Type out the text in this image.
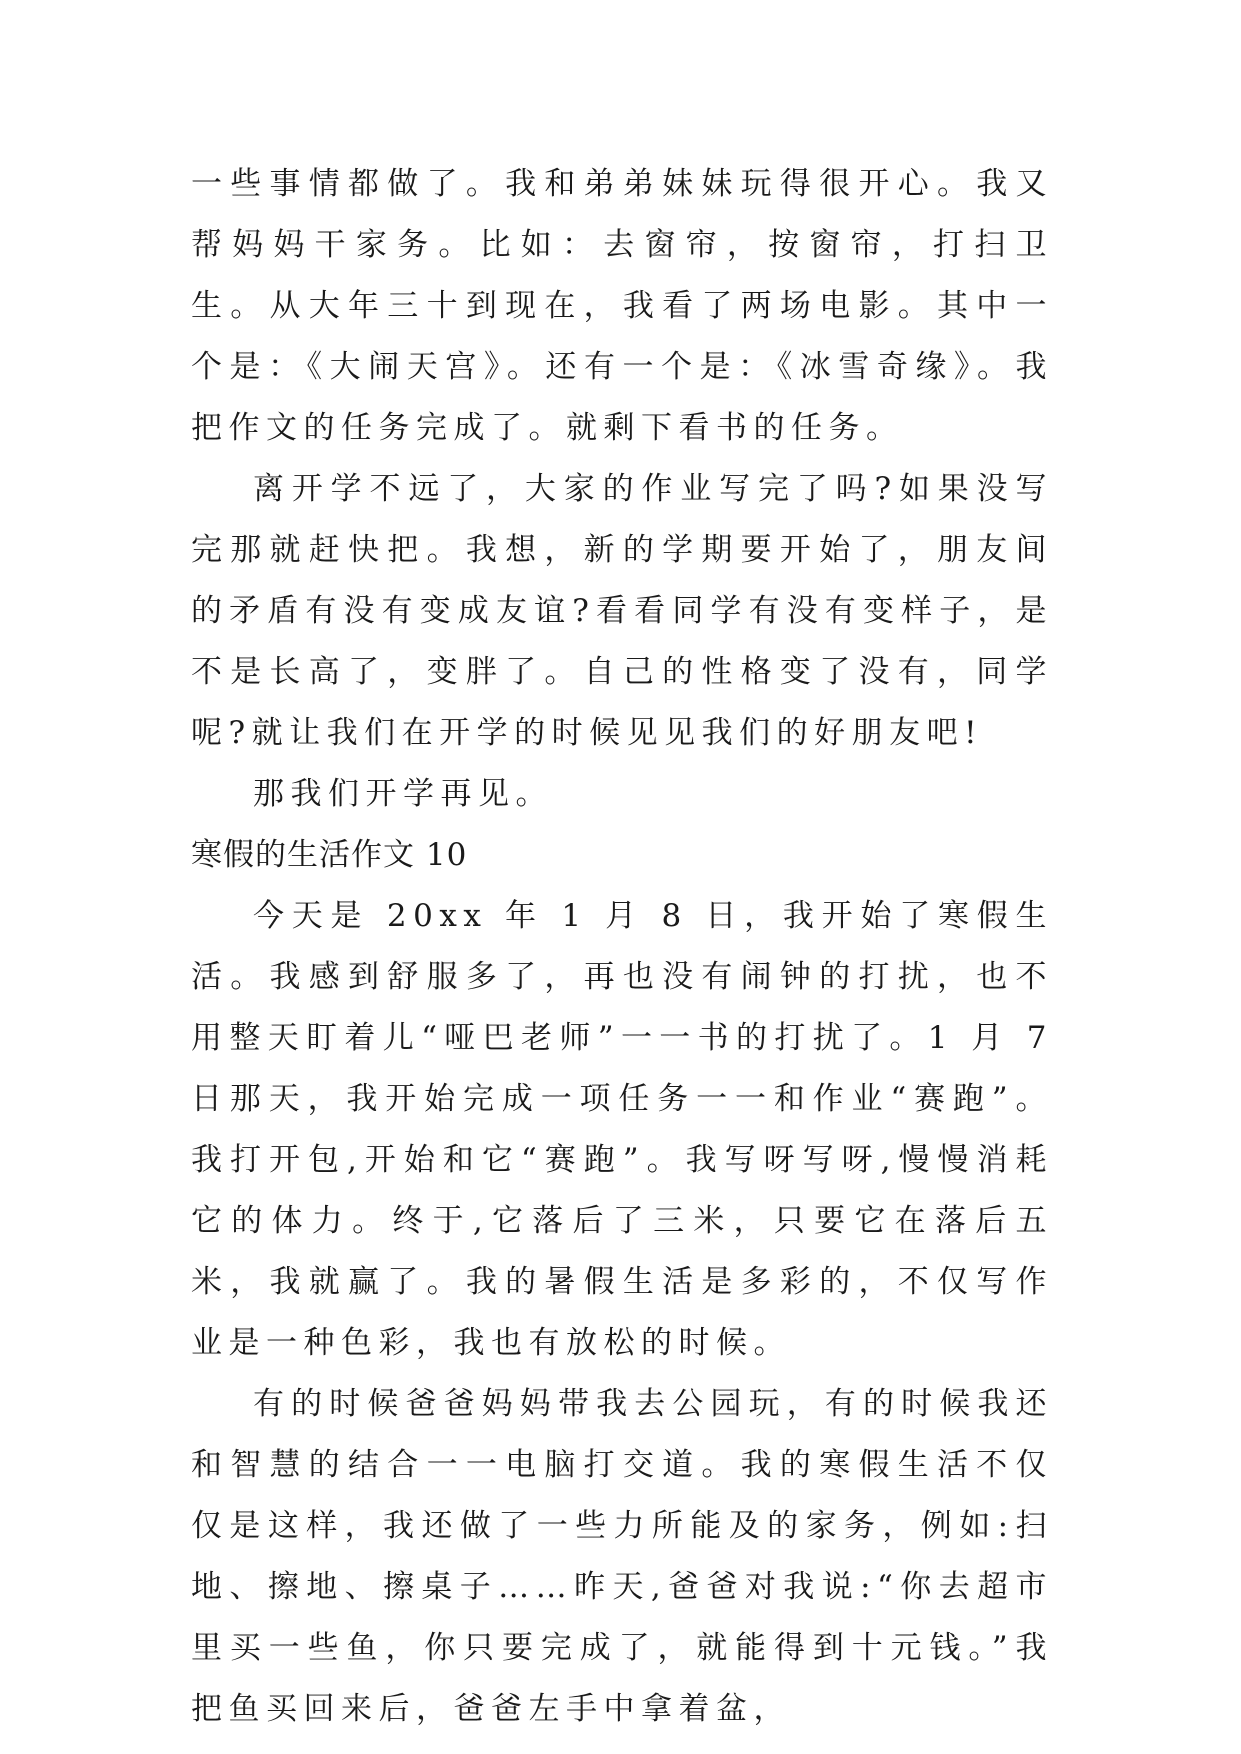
一些事情都做了。我和弟弟妹妹玩得很开心。我又帮妈妈干家务。比如：去窗帘，按窗帘，打扫卫生。从大年三十到现在，我看了两场电影。其中一个是：《大闹天宫》。还有一个是：《冰雪奇缘》。我把作文的任务完成了。就剩下看书的任务。

离开学不远了，大家的作业写完了吗?如果没写完那就赶快把。我想，新的学期要开始了，朋友间的矛盾有没有变成友谊?看看同学有没有变样子，是不是长高了，变胖了。自己的性格变了没有，同学呢?就让我们在开学的时候见见我们的好朋友吧!

那我们开学再见。

寒假的生活作文 10

今天是 20xx 年 1 月 8 日，我开始了寒假生活。我感到舒服多了，再也没有闹钟的打扰，也不用整天盯着儿“哑巴老师”一一书的打扰了。1 月 7 日那天，我开始完成一项任务一一和作业“赛跑”。我打开包,开始和它“赛跑”。我写呀写呀,慢慢消耗它的体力。终于,它落后了三米，只要它在落后五米，我就赢了。我的暑假生活是多彩的，不仅写作业是一种色彩，我也有放松的时候。

有的时候爸爸妈妈带我去公园玩，有的时候我还和智慧的结合一一电脑打交道。我的寒假生活不仅仅是这样，我还做了一些力所能及的家务，例如:扫地、擦地、擦桌子……昨天,爸爸对我说:“你去超市里买一些鱼，你只要完成了，就能得到十元钱。”我把鱼买回来后，爸爸左手中拿着盆，
